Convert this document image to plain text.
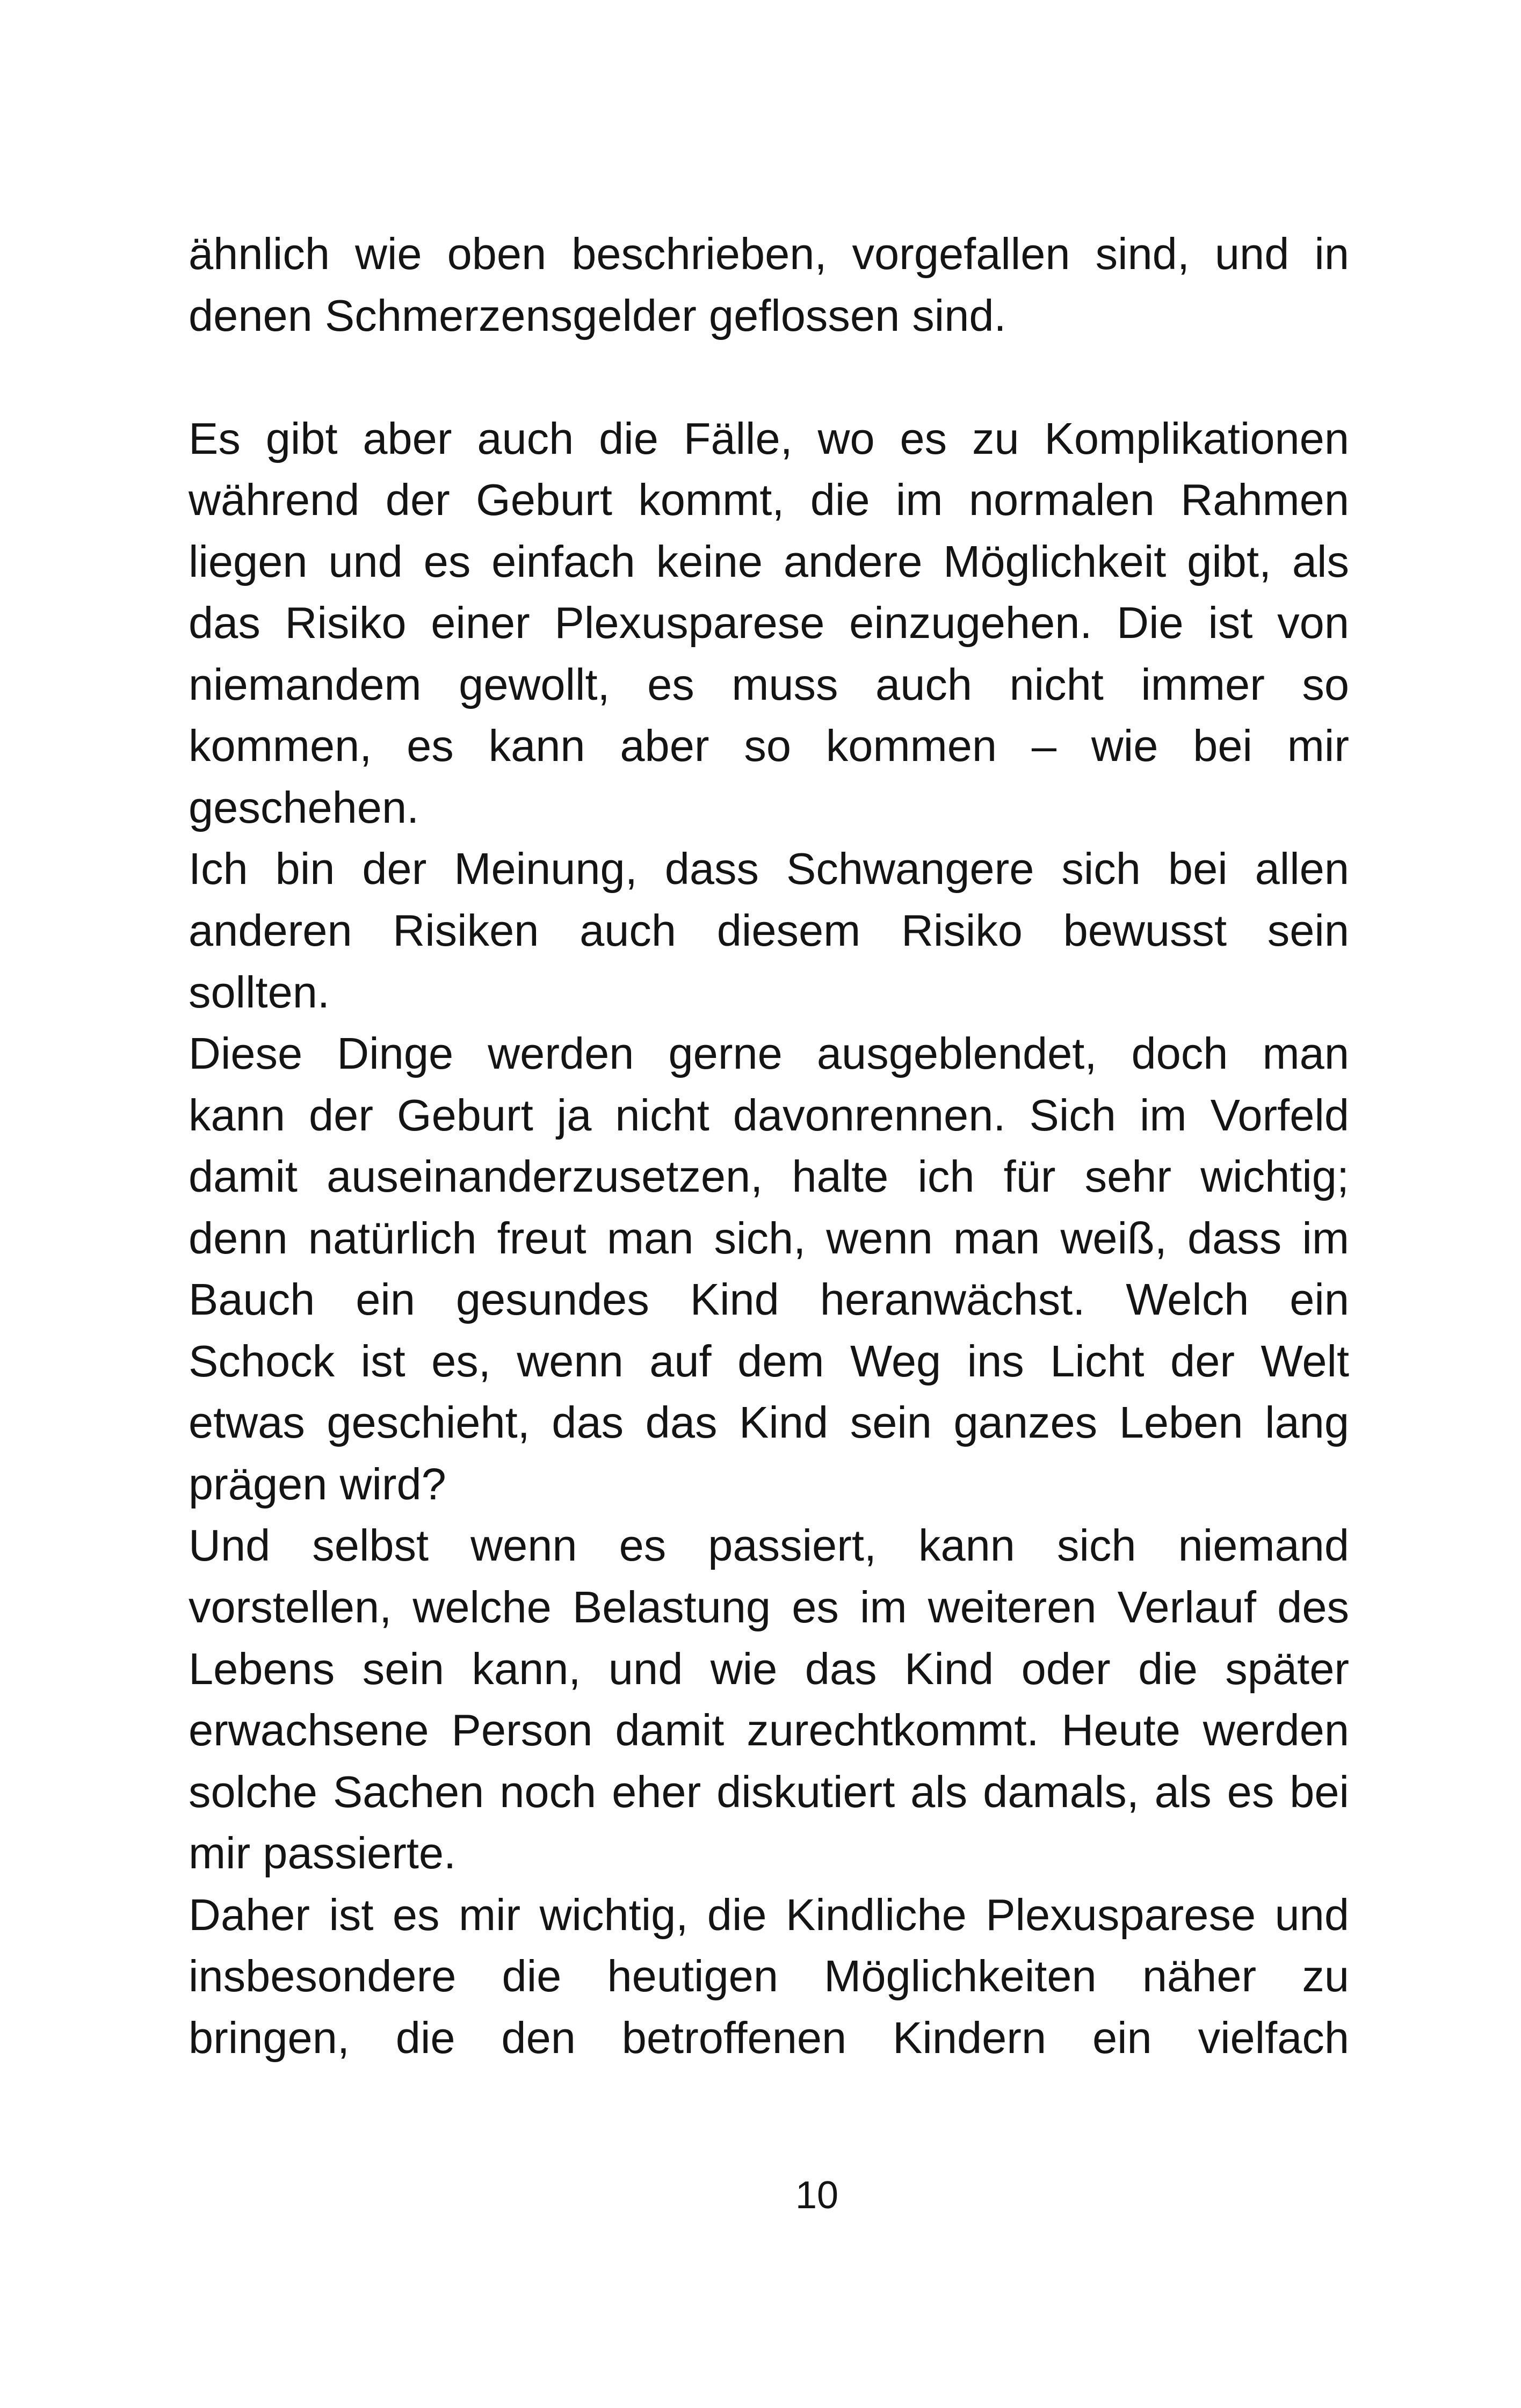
ähnlich wie oben beschrieben, vorgefallen sind, und in
denen Schmerzensgelder geflossen sind.
Es gibt aber auch die Fälle, wo es zu Komplikationen
während der Geburt kommt, die im normalen Rahmen
liegen und es einfach keine andere Möglichkeit gibt, als
das Risiko einer Plexusparese einzugehen. Die ist von
niemandem gewollt, es muss auch nicht immer so
kommen, es kann aber so kommen – wie bei mir
geschehen.
Ich bin der Meinung, dass Schwangere sich bei allen
anderen Risiken auch diesem Risiko bewusst sein
sollten.
Diese Dinge werden gerne ausgeblendet, doch man
kann der Geburt ja nicht davonrennen. Sich im Vorfeld
damit auseinanderzusetzen, halte ich für sehr wichtig;
denn natürlich freut man sich, wenn man weiß, dass im
Bauch ein gesundes Kind heranwächst. Welch ein
Schock ist es, wenn auf dem Weg ins Licht der Welt
etwas geschieht, das das Kind sein ganzes Leben lang
prägen wird?
Und selbst wenn es passiert, kann sich niemand
vorstellen, welche Belastung es im weiteren Verlauf des
Lebens sein kann, und wie das Kind oder die später
erwachsene Person damit zurechtkommt. Heute werden
solche Sachen noch eher diskutiert als damals, als es bei
mir passierte.
Daher ist es mir wichtig, die Kindliche Plexusparese und
insbesondere die heutigen Möglichkeiten näher zu
bringen, die den betroffenen Kindern ein vielfach
10
